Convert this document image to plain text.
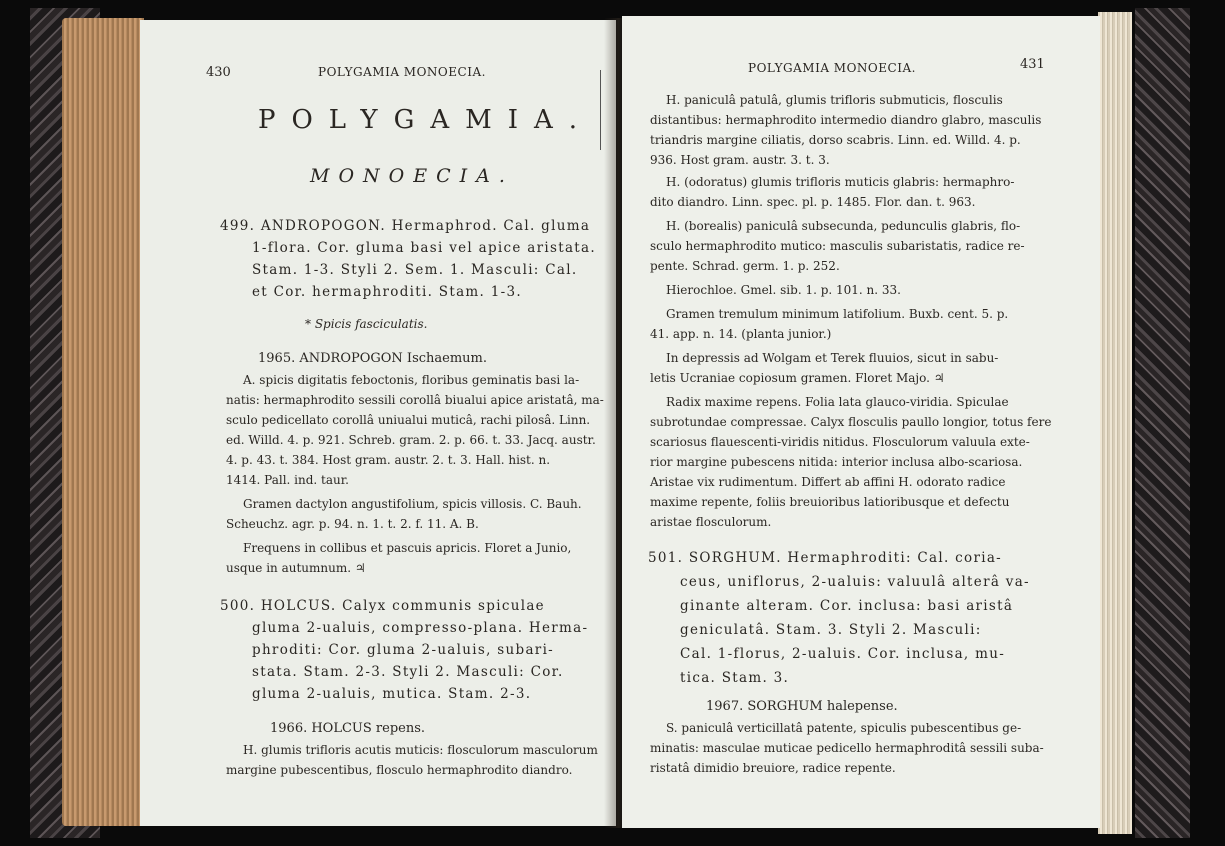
430	POLYGAMIA MONOECIA.
POLYGAMIA.
MONOECIA.
499. ANDROPOGON. Hermaphrod. Cal. gluma
1-flora. Cor. gluma basi vel apice aristata.
Stam. 1-3. Styli 2. Sem. 1. Masculi: Cal.
et Cor. hermaphroditi. Stam. 1-3.
* Spicis fasciculatis.
1965. ANDROPOGON Ischaemum.
A. spicis digitatis feboctonis, floribus geminatis basi la-
natis: hermaphrodito sessili corollâ biualui apice aristatâ, ma-
sculo pedicellato corollâ uniualui muticâ, rachi pilosâ. Linn.
ed. Willd. 4. p. 921. Schreb. gram. 2. p. 66. t. 33. Jacq. austr.
4. p. 43. t. 384. Host gram. austr. 2. t. 3. Hall. hist. n.
1414. Pall. ind. taur.
Gramen dactylon angustifolium, spicis villosis. C. Bauh.
Scheuchz. agr. p. 94. n. 1. t. 2. f. 11. A. B.
Frequens in collibus et pascuis apricis. Floret a Junio,
usque in autumnum. ♃
500. HOLCUS. Calyx communis spiculae
gluma 2-ualuis, compresso-plana. Herma-
phroditi: Cor. gluma 2-ualuis, subari-
stata. Stam. 2-3. Styli 2. Masculi: Cor.
gluma 2-ualuis, mutica. Stam. 2-3.
1966. HOLCUS repens.
H. glumis trifloris acutis muticis: flosculorum masculorum
margine pubescentibus, flosculo hermaphrodito diandro.
POLYGAMIA MONOECIA.	431
H. paniculâ patulâ, glumis trifloris submuticis, flosculis
distantibus: hermaphrodito intermedio diandro glabro, masculis
triandris margine ciliatis, dorso scabris. Linn. ed. Willd. 4. p.
936. Host gram. austr. 3. t. 3.
H. (odoratus) glumis trifloris muticis glabris: hermaphro-
dito diandro. Linn. spec. pl. p. 1485. Flor. dan. t. 963.
H. (borealis) paniculâ subsecunda, pedunculis glabris, flo-
sculo hermaphrodito mutico: masculis subaristatis, radice re-
pente. Schrad. germ. 1. p. 252.
Hierochloe. Gmel. sib. 1. p. 101. n. 33.
Gramen tremulum minimum latifolium. Buxb. cent. 5. p.
41. app. n. 14. (planta junior.)
In depressis ad Wolgam et Terek fluuios, sicut in sabu-
letis Ucraniae copiosum gramen. Floret Majo. ♃
Radix maxime repens. Folia lata glauco-viridia. Spiculae
subrotundae compressae. Calyx flosculis paullo longior, totus fere
scariosus flauescenti-viridis nitidus. Flosculorum valuula exte-
rior margine pubescens nitida: interior inclusa albo-scariosa.
Aristae vix rudimentum. Differt ab affini H. odorato radice
maxime repente, foliis breuioribus latioribusque et defectu
aristae flosculorum.
501. SORGHUM. Hermaphroditi: Cal. coria-
ceus, uniflorus, 2-ualuis: valuulâ alterâ va-
ginante alteram. Cor. inclusa: basi aristâ
geniculatâ. Stam. 3. Styli 2. Masculi:
Cal. 1-florus, 2-ualuis. Cor. inclusa, mu-
tica. Stam. 3.
1967. SORGHUM halepense.
S. paniculâ verticillatâ patente, spiculis pubescentibus ge-
minatis: masculae muticae pedicello hermaphroditâ sessili suba-
ristatâ dimidio breuiore, radice repente.
